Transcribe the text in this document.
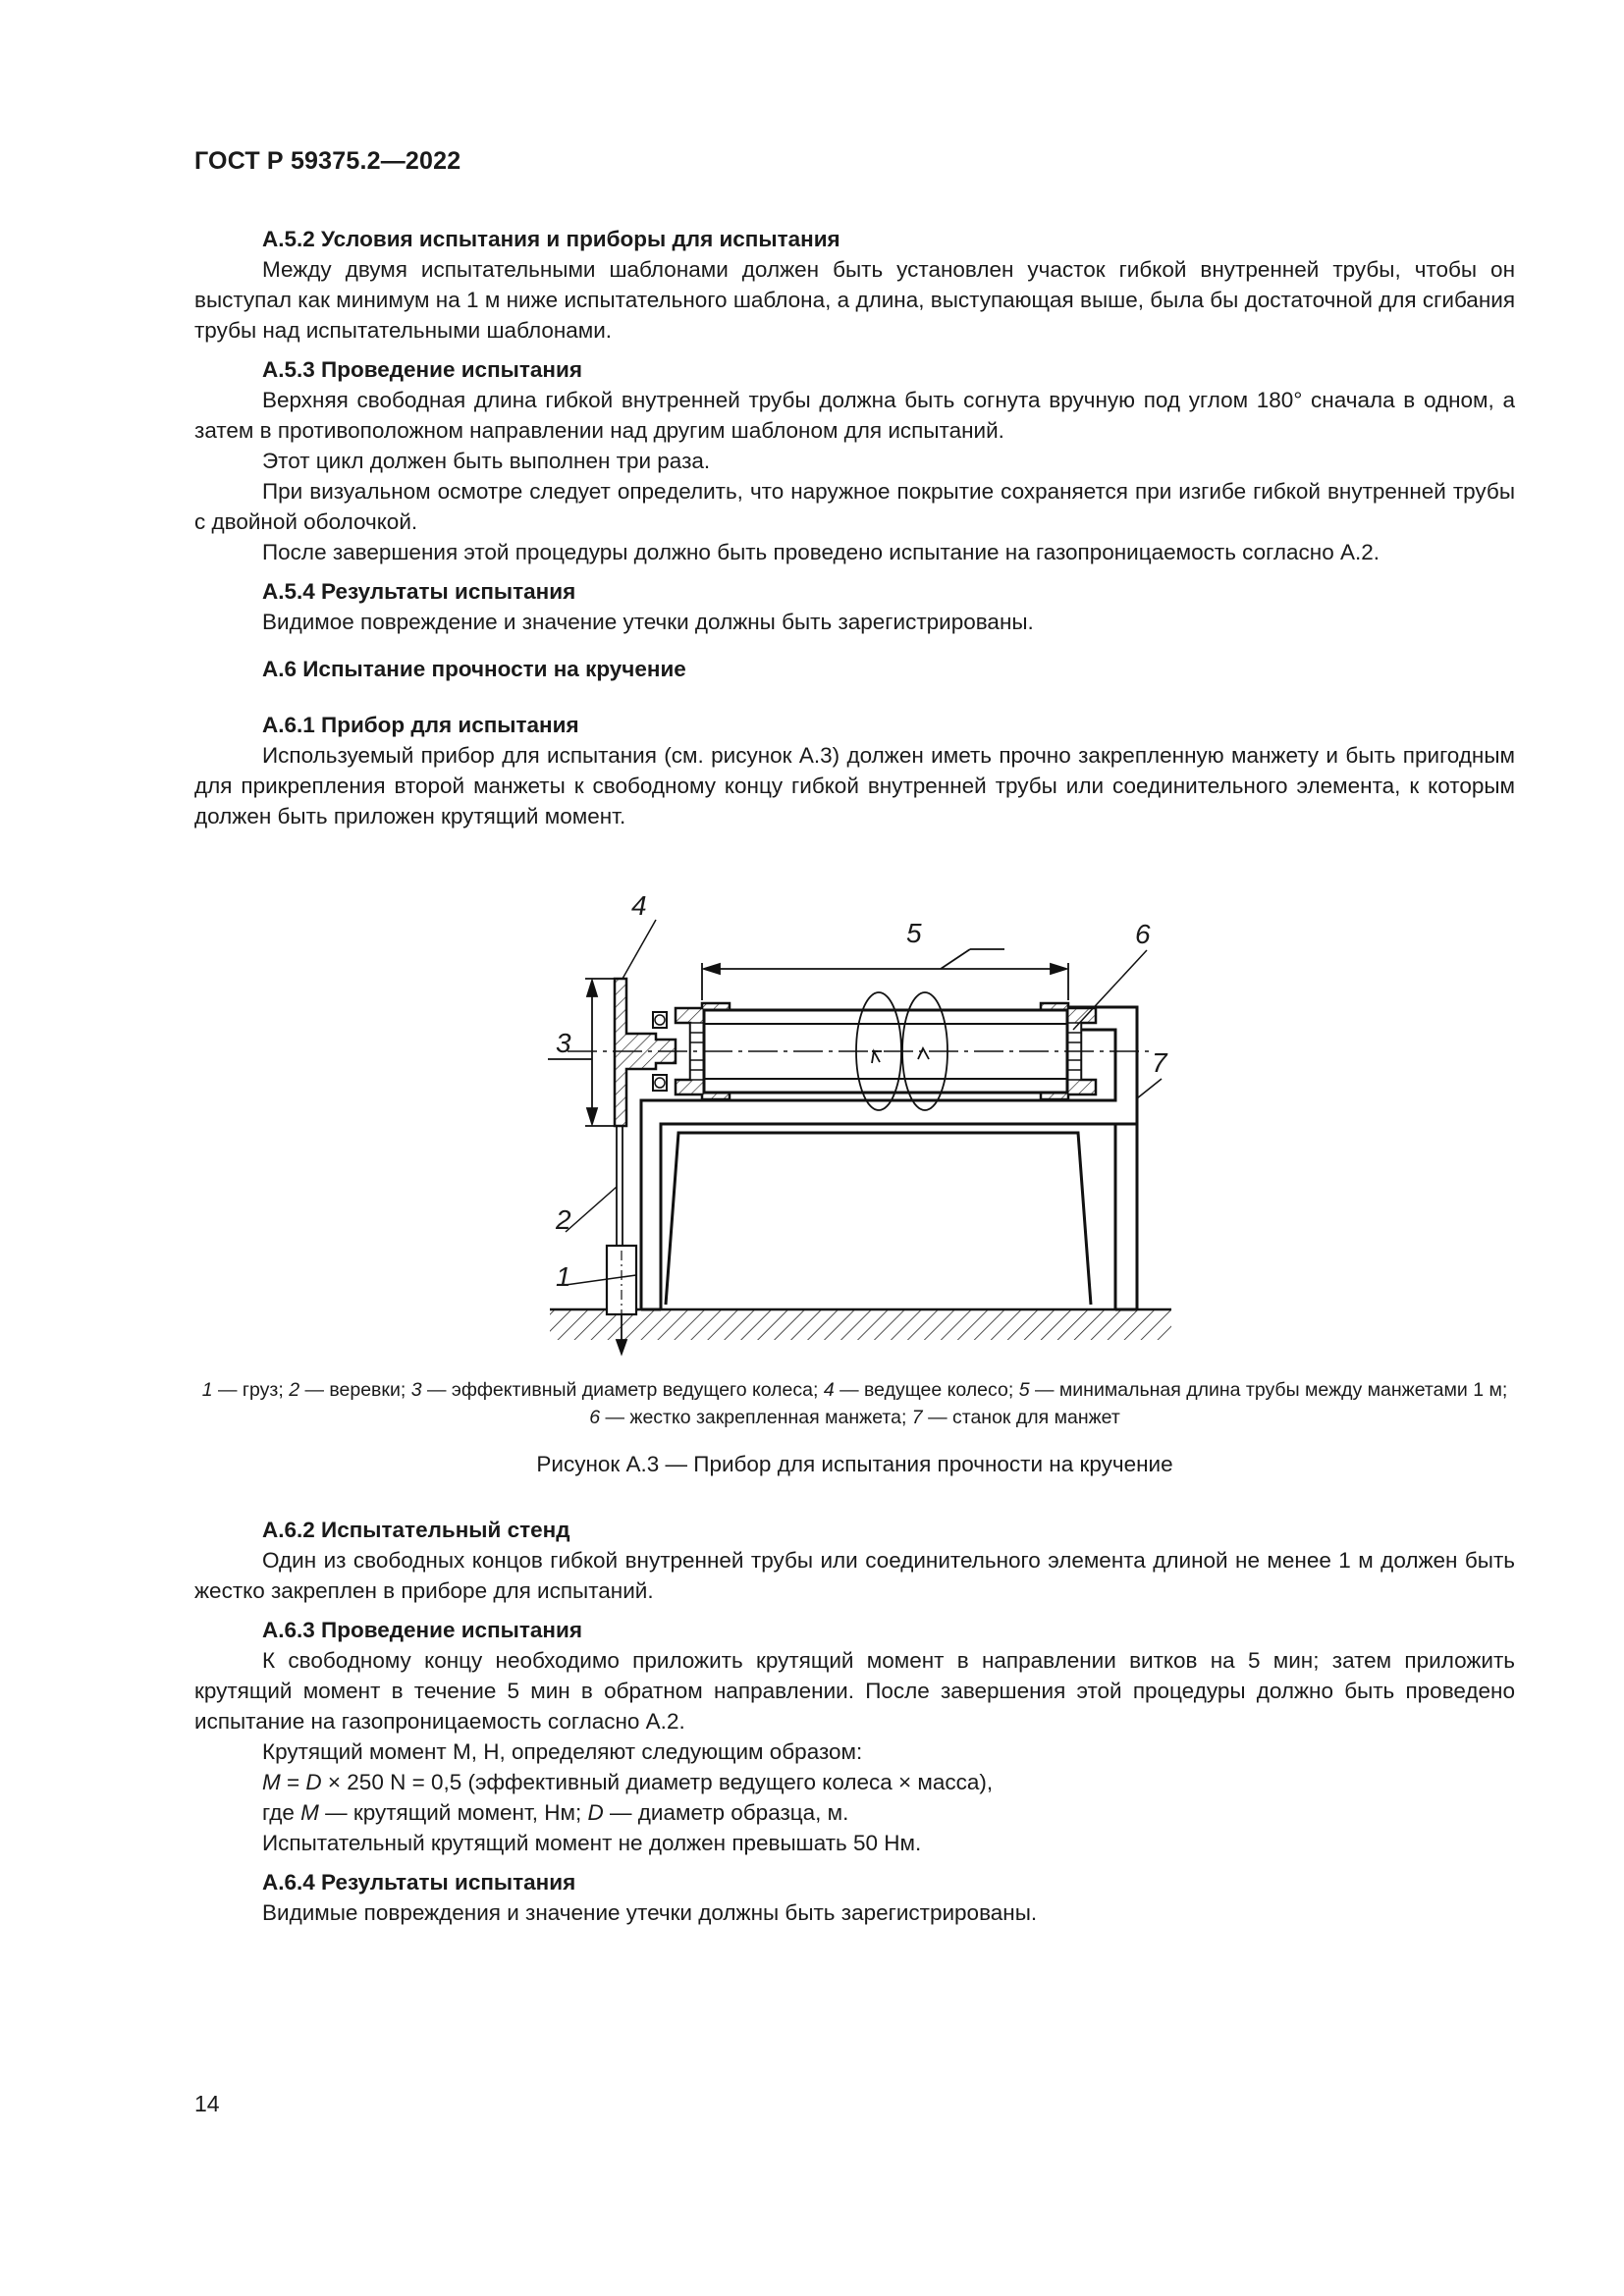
ГОСТ Р 59375.2—2022

А.5.2 Условия испытания и приборы для испытания

Между двумя испытательными шаблонами должен быть установлен участок гибкой внутренней трубы, чтобы он выступал как минимум на 1 м ниже испытательного шаблона, а длина, выступающая выше, была бы достаточной для сгибания трубы над испытательными шаблонами.

А.5.3 Проведение испытания

Верхняя свободная длина гибкой внутренней трубы должна быть согнута вручную под углом 180° сначала в одном, а затем в противоположном направлении над другим шаблоном для испытаний.

Этот цикл должен быть выполнен три раза.

При визуальном осмотре следует определить, что наружное покрытие сохраняется при изгибе гибкой внутренней трубы с двойной оболочкой.

После завершения этой процедуры должно быть проведено испытание на газопроницаемость согласно А.2.

А.5.4 Результаты испытания

Видимое повреждение и значение утечки должны быть зарегистрированы.

А.6 Испытание прочности на кручение

А.6.1 Прибор для испытания

Используемый прибор для испытания (см. рисунок А.3) должен иметь прочно закрепленную манжету и быть пригодным для прикрепления второй манжеты к свободному концу гибкой внутренней трубы или соединительного элемента, к которым должен быть приложен крутящий момент.

4
5	6
3
7
2
1

1 — груз; 2 — веревки; 3 — эффективный диаметр ведущего колеса; 4 — ведущее колесо; 5 — минимальная длина трубы между манжетами 1 м; 6 — жестко закрепленная манжета; 7 — станок для манжет

Рисунок А.3 — Прибор для испытания прочности на кручение

А.6.2 Испытательный стенд

Один из свободных концов гибкой внутренней трубы или соединительного элемента длиной не менее 1 м должен быть жестко закреплен в приборе для испытаний.

А.6.3 Проведение испытания

К свободному концу необходимо приложить крутящий момент в направлении витков на 5 мин; затем приложить крутящий момент в течение 5 мин в обратном направлении. После завершения этой процедуры должно быть проведено испытание на газопроницаемость согласно А.2.

Крутящий момент М, Н, определяют следующим образом:

M = D × 250 N = 0,5 (эффективный диаметр ведущего колеса × масса),

где M — крутящий момент, Нм; D — диаметр образца, м.

Испытательный крутящий момент не должен превышать 50 Нм.

А.6.4 Результаты испытания

Видимые повреждения и значение утечки должны быть зарегистрированы.

14
